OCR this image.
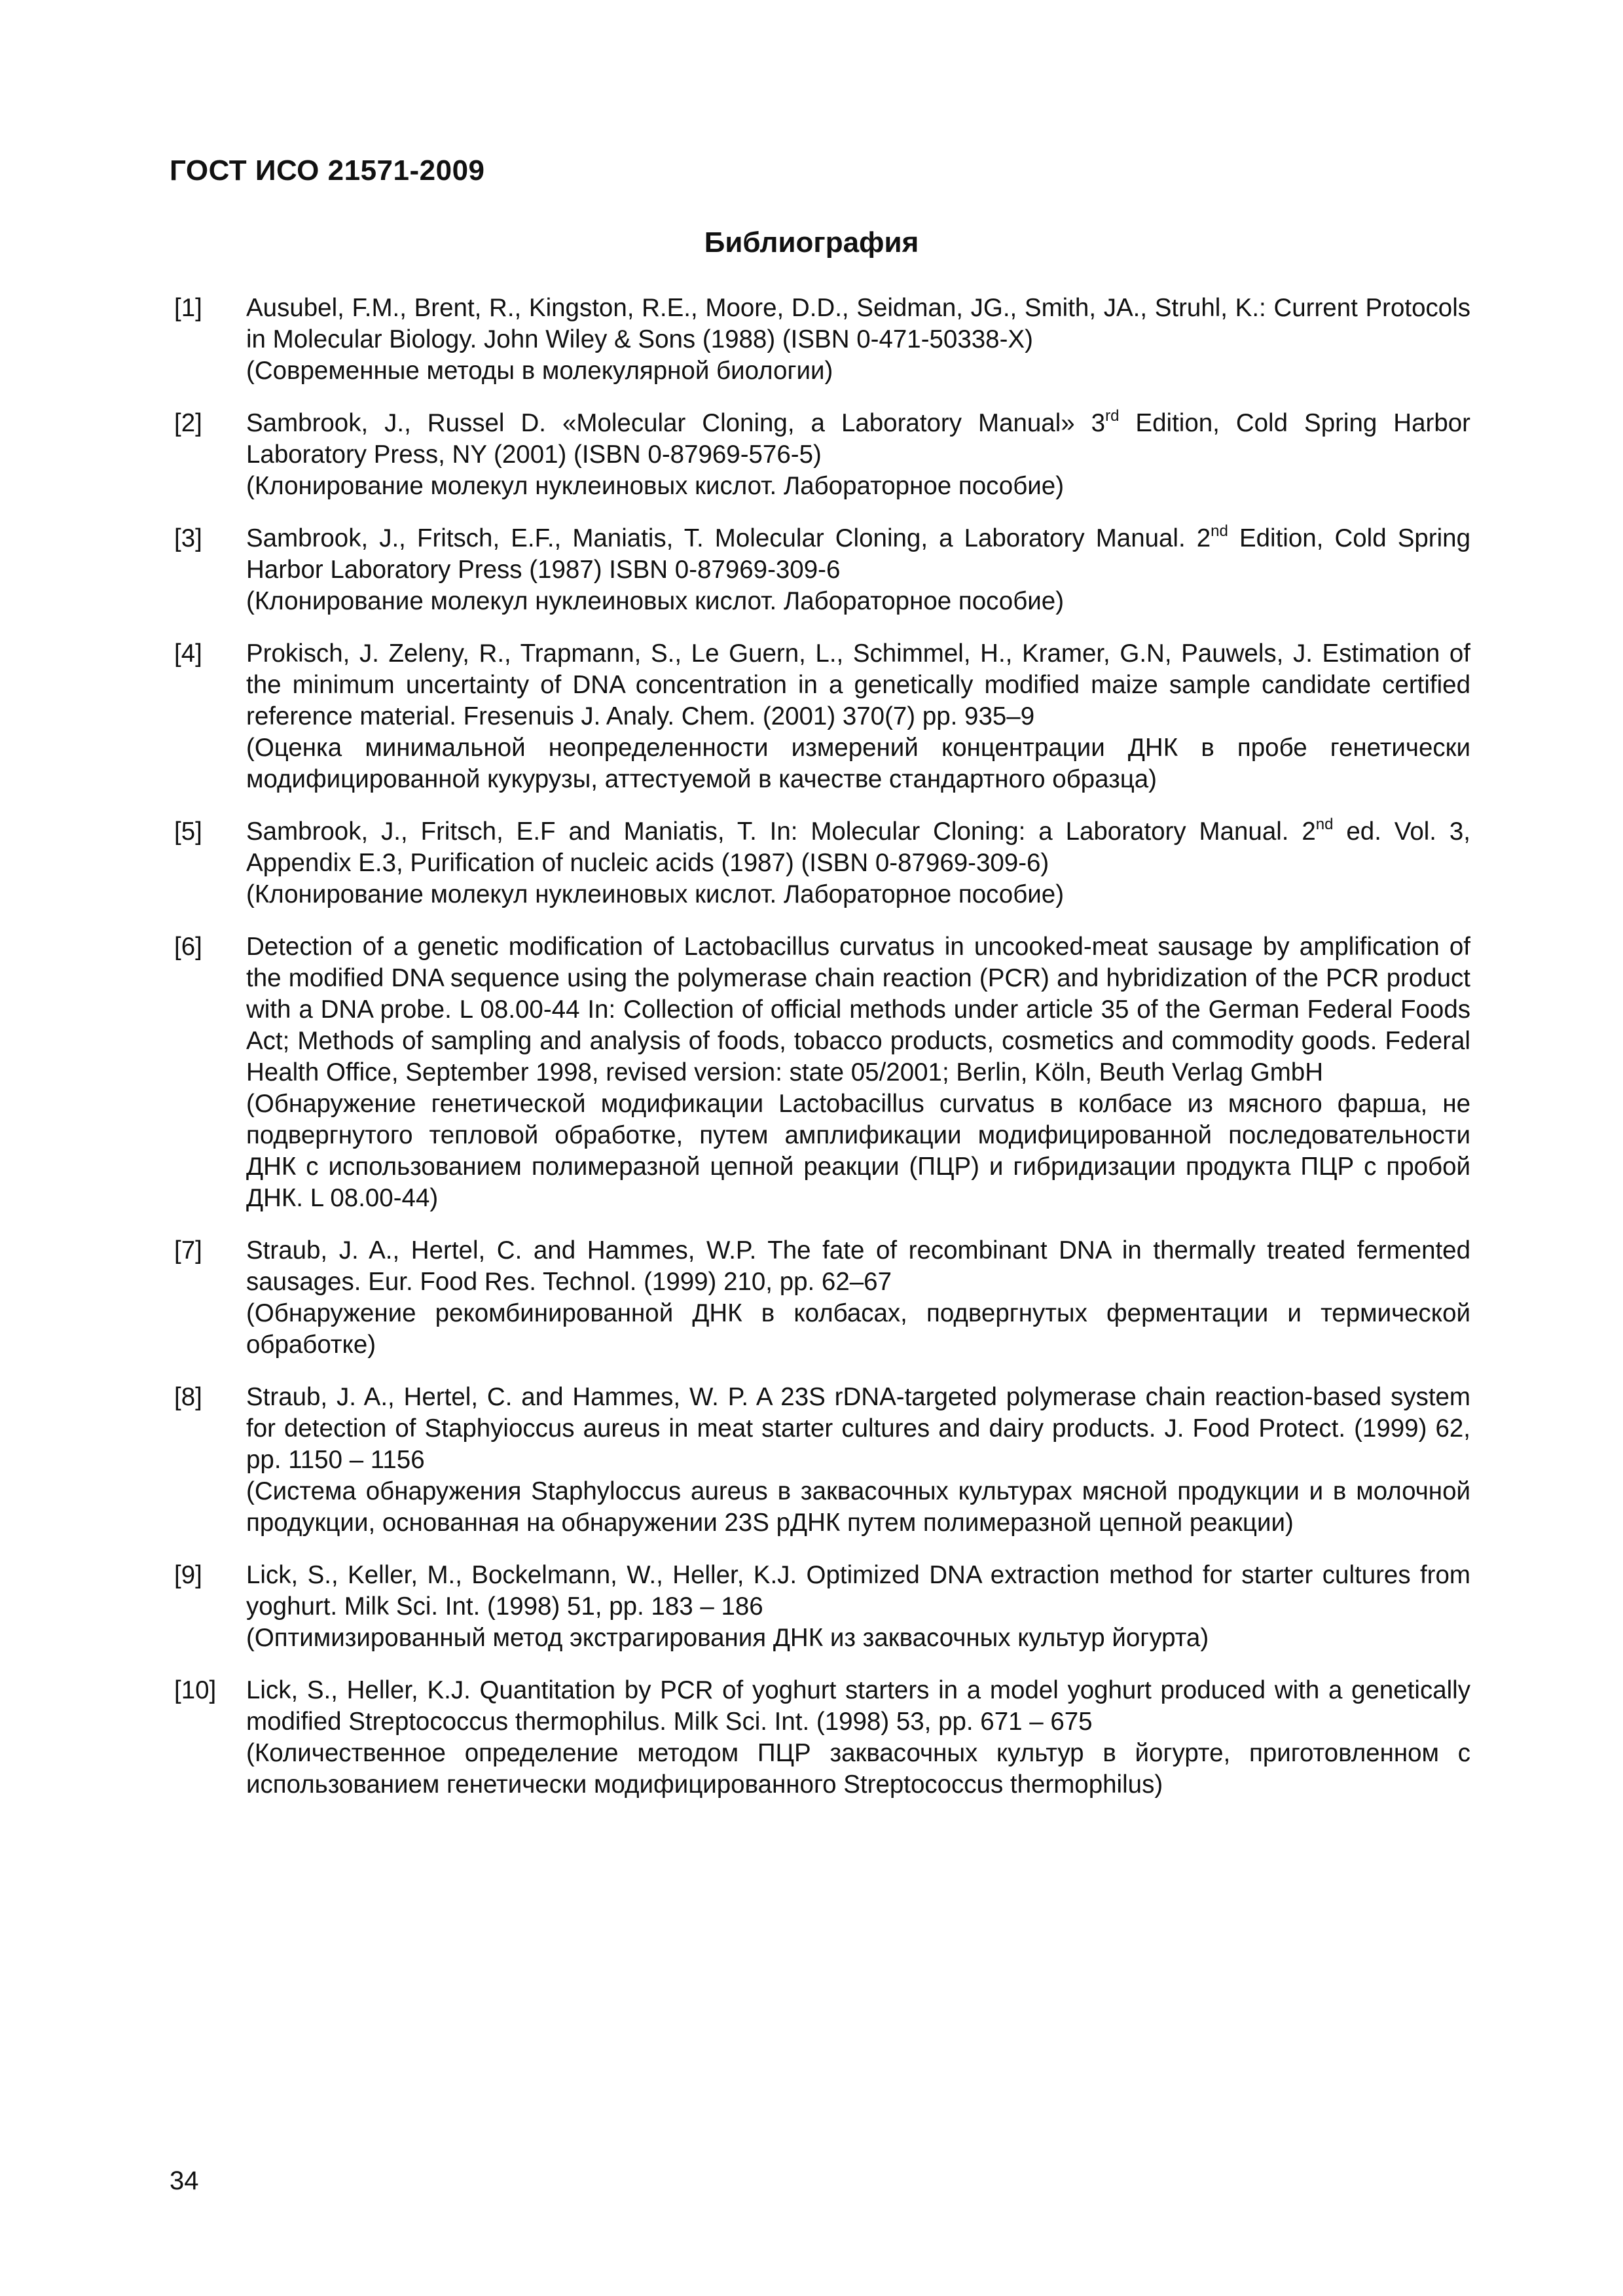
ГОСТ ИСО 21571-2009
Библиография
[1] Ausubel, F.M., Brent, R., Kingston, R.E., Moore, D.D., Seidman, JG., Smith, JA., Struhl, K.: Current Protocols in Molecular Biology. John Wiley & Sons (1988) (ISBN 0-471-50338-X)
(Современные методы в молекулярной биологии)
[2] Sambrook, J., Russel D. «Molecular Cloning, a Laboratory Manual» 3rd Edition, Cold Spring Harbor Laboratory Press, NY (2001) (ISBN 0-87969-576-5)
(Клонирование молекул нуклеиновых кислот. Лабораторное пособие)
[3] Sambrook, J., Fritsch, E.F., Maniatis, T. Molecular Cloning, a Laboratory Manual. 2nd Edition, Cold Spring Harbor Laboratory Press (1987) ISBN 0-87969-309-6
(Клонирование молекул нуклеиновых кислот. Лабораторное пособие)
[4] Prokisch, J. Zeleny, R., Trapmann, S., Le Guern, L., Schimmel, H., Kramer, G.N, Pauwels, J. Estimation of the minimum uncertainty of DNA concentration in a genetically modified maize sample candidate certified reference material. Fresenuis J. Analy. Chem. (2001) 370(7) pp. 935–9
(Оценка минимальной неопределенности измерений концентрации ДНК в пробе генетически модифицированной кукурузы, аттестуемой в качестве стандартного образца)
[5] Sambrook, J., Fritsch, E.F and Maniatis, T. In: Molecular Cloning: a Laboratory Manual. 2nd ed. Vol. 3, Appendix E.3, Purification of nucleic acids (1987) (ISBN 0-87969-309-6)
(Клонирование молекул нуклеиновых кислот. Лабораторное пособие)
[6] Detection of a genetic modification of Lactobacillus curvatus in uncooked-meat sausage by amplification of the modified DNA sequence using the polymerase chain reaction (PCR) and hybridization of the PCR product with a DNA probe. L 08.00-44 In: Collection of official methods under article 35 of the German Federal Foods Act; Methods of sampling and analysis of foods, tobacco products, cosmetics and commodity goods. Federal Health Office, September 1998, revised version: state 05/2001; Berlin, Köln, Beuth Verlag GmbH
(Обнаружение генетической модификации Lactobacillus curvatus в колбасе из мясного фарша, не подвергнутого тепловой обработке, путем амплификации модифицированной последовательности ДНК с использованием полимеразной цепной реакции (ПЦР) и гибридизации продукта ПЦР с пробой ДНК. L 08.00-44)
[7] Straub, J. A., Hertel, C. and Hammes, W.P. The fate of recombinant DNA in thermally treated fermented sausages. Eur. Food Res. Technol. (1999) 210, pp. 62–67
(Обнаружение рекомбинированной ДНК в колбасах, подвергнутых ферментации и термической обработке)
[8] Straub, J. A., Hertel, C. and Hammes, W. P. A 23S rDNA-targeted polymerase chain reaction-based system for detection of Staphyioccus aureus in meat starter cultures and dairy products. J. Food Protect. (1999) 62, pp. 1150 – 1156
(Система обнаружения Staphyloccus aureus в заквасочных культурах мясной продукции и в молочной продукции, основанная на обнаружении 23S рДНК путем полимеразной цепной реакции)
[9] Lick, S., Keller, M., Bockelmann, W., Heller, K.J. Optimized DNA extraction method for starter cultures from yoghurt. Milk Sci. Int. (1998) 51, pp. 183 – 186
(Оптимизированный метод экстрагирования ДНК из заквасочных культур йогурта)
[10] Lick, S., Heller, K.J. Quantitation by PCR of yoghurt starters in a model yoghurt produced with a genetically modified Streptococcus thermophilus. Milk Sci. Int. (1998) 53, pp. 671 – 675
(Количественное определение методом ПЦР заквасочных культур в йогурте, приготовленном с использованием генетически модифицированного Streptococcus thermophilus)
34
